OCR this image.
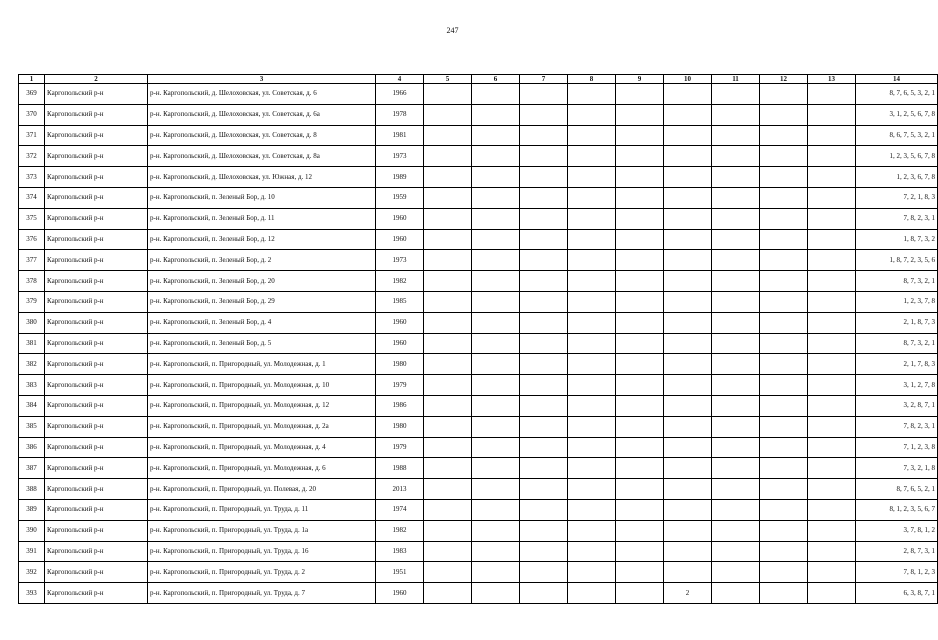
247
1	2	3	4	5	6	7	8	9	10	11	12	13	14
369	Каргопольский р-н	р-н. Каргопольский, д. Шелоховская, ул. Советская, д. 6	1966										8, 7, 6, 5, 3, 2, 1
370	Каргопольский р-н	р-н. Каргопольский, д. Шелоховская, ул. Советская, д. 6а	1978										3, 1, 2, 5, 6, 7, 8
371	Каргопольский р-н	р-н. Каргопольский, д. Шелоховская, ул. Советская, д. 8	1981										8, 6, 7, 5, 3, 2, 1
372	Каргопольский р-н	р-н. Каргопольский, д. Шелоховская, ул. Советская, д. 8а	1973										1, 2, 3, 5, 6, 7, 8
373	Каргопольский р-н	р-н. Каргопольский, д. Шелоховская, ул. Южная, д. 12	1989										1, 2, 3, 6, 7, 8
374	Каргопольский р-н	р-н. Каргопольский, п. Зеленый Бор, д. 10	1959										7, 2, 1, 8, 3
375	Каргопольский р-н	р-н. Каргопольский, п. Зеленый Бор, д. 11	1960										7, 8, 2, 3, 1
376	Каргопольский р-н	р-н. Каргопольский, п. Зеленый Бор, д. 12	1960										1, 8, 7, 3, 2
377	Каргопольский р-н	р-н. Каргопольский, п. Зеленый Бор, д. 2	1973										1, 8, 7, 2, 3, 5, 6
378	Каргопольский р-н	р-н. Каргопольский, п. Зеленый Бор, д. 20	1982										8, 7, 3, 2, 1
379	Каргопольский р-н	р-н. Каргопольский, п. Зеленый Бор, д. 29	1985										1, 2, 3, 7, 8
380	Каргопольский р-н	р-н. Каргопольский, п. Зеленый Бор, д. 4	1960										2, 1, 8, 7, 3
381	Каргопольский р-н	р-н. Каргопольский, п. Зеленый Бор, д. 5	1960										8, 7, 3, 2, 1
382	Каргопольский р-н	р-н. Каргопольский, п. Пригородный, ул. Молодежная, д. 1	1980										2, 1, 7, 8, 3
383	Каргопольский р-н	р-н. Каргопольский, п. Пригородный, ул. Молодежная, д. 10	1979										3, 1, 2, 7, 8
384	Каргопольский р-н	р-н. Каргопольский, п. Пригородный, ул. Молодежная, д. 12	1986										3, 2, 8, 7, 1
385	Каргопольский р-н	р-н. Каргопольский, п. Пригородный, ул. Молодежная, д. 2а	1980										7, 8, 2, 3, 1
386	Каргопольский р-н	р-н. Каргопольский, п. Пригородный, ул. Молодежная, д. 4	1979										7, 1, 2, 3, 8
387	Каргопольский р-н	р-н. Каргопольский, п. Пригородный, ул. Молодежная, д. 6	1988										7, 3, 2, 1, 8
388	Каргопольский р-н	р-н. Каргопольский, п. Пригородный, ул. Полевая, д. 20	2013										8, 7, 6, 5, 2, 1
389	Каргопольский р-н	р-н. Каргопольский, п. Пригородный, ул. Труда, д. 11	1974										8, 1, 2, 3, 5, 6, 7
390	Каргопольский р-н	р-н. Каргопольский, п. Пригородный, ул. Труда, д. 1а	1982										3, 7, 8, 1, 2
391	Каргопольский р-н	р-н. Каргопольский, п. Пригородный, ул. Труда, д. 16	1983										2, 8, 7, 3, 1
392	Каргопольский р-н	р-н. Каргопольский, п. Пригородный, ул. Труда, д. 2	1951										7, 8, 1, 2, 3
393	Каргопольский р-н	р-н. Каргопольский, п. Пригородный, ул. Труда, д. 7	1960						2				6, 3, 8, 7, 1
